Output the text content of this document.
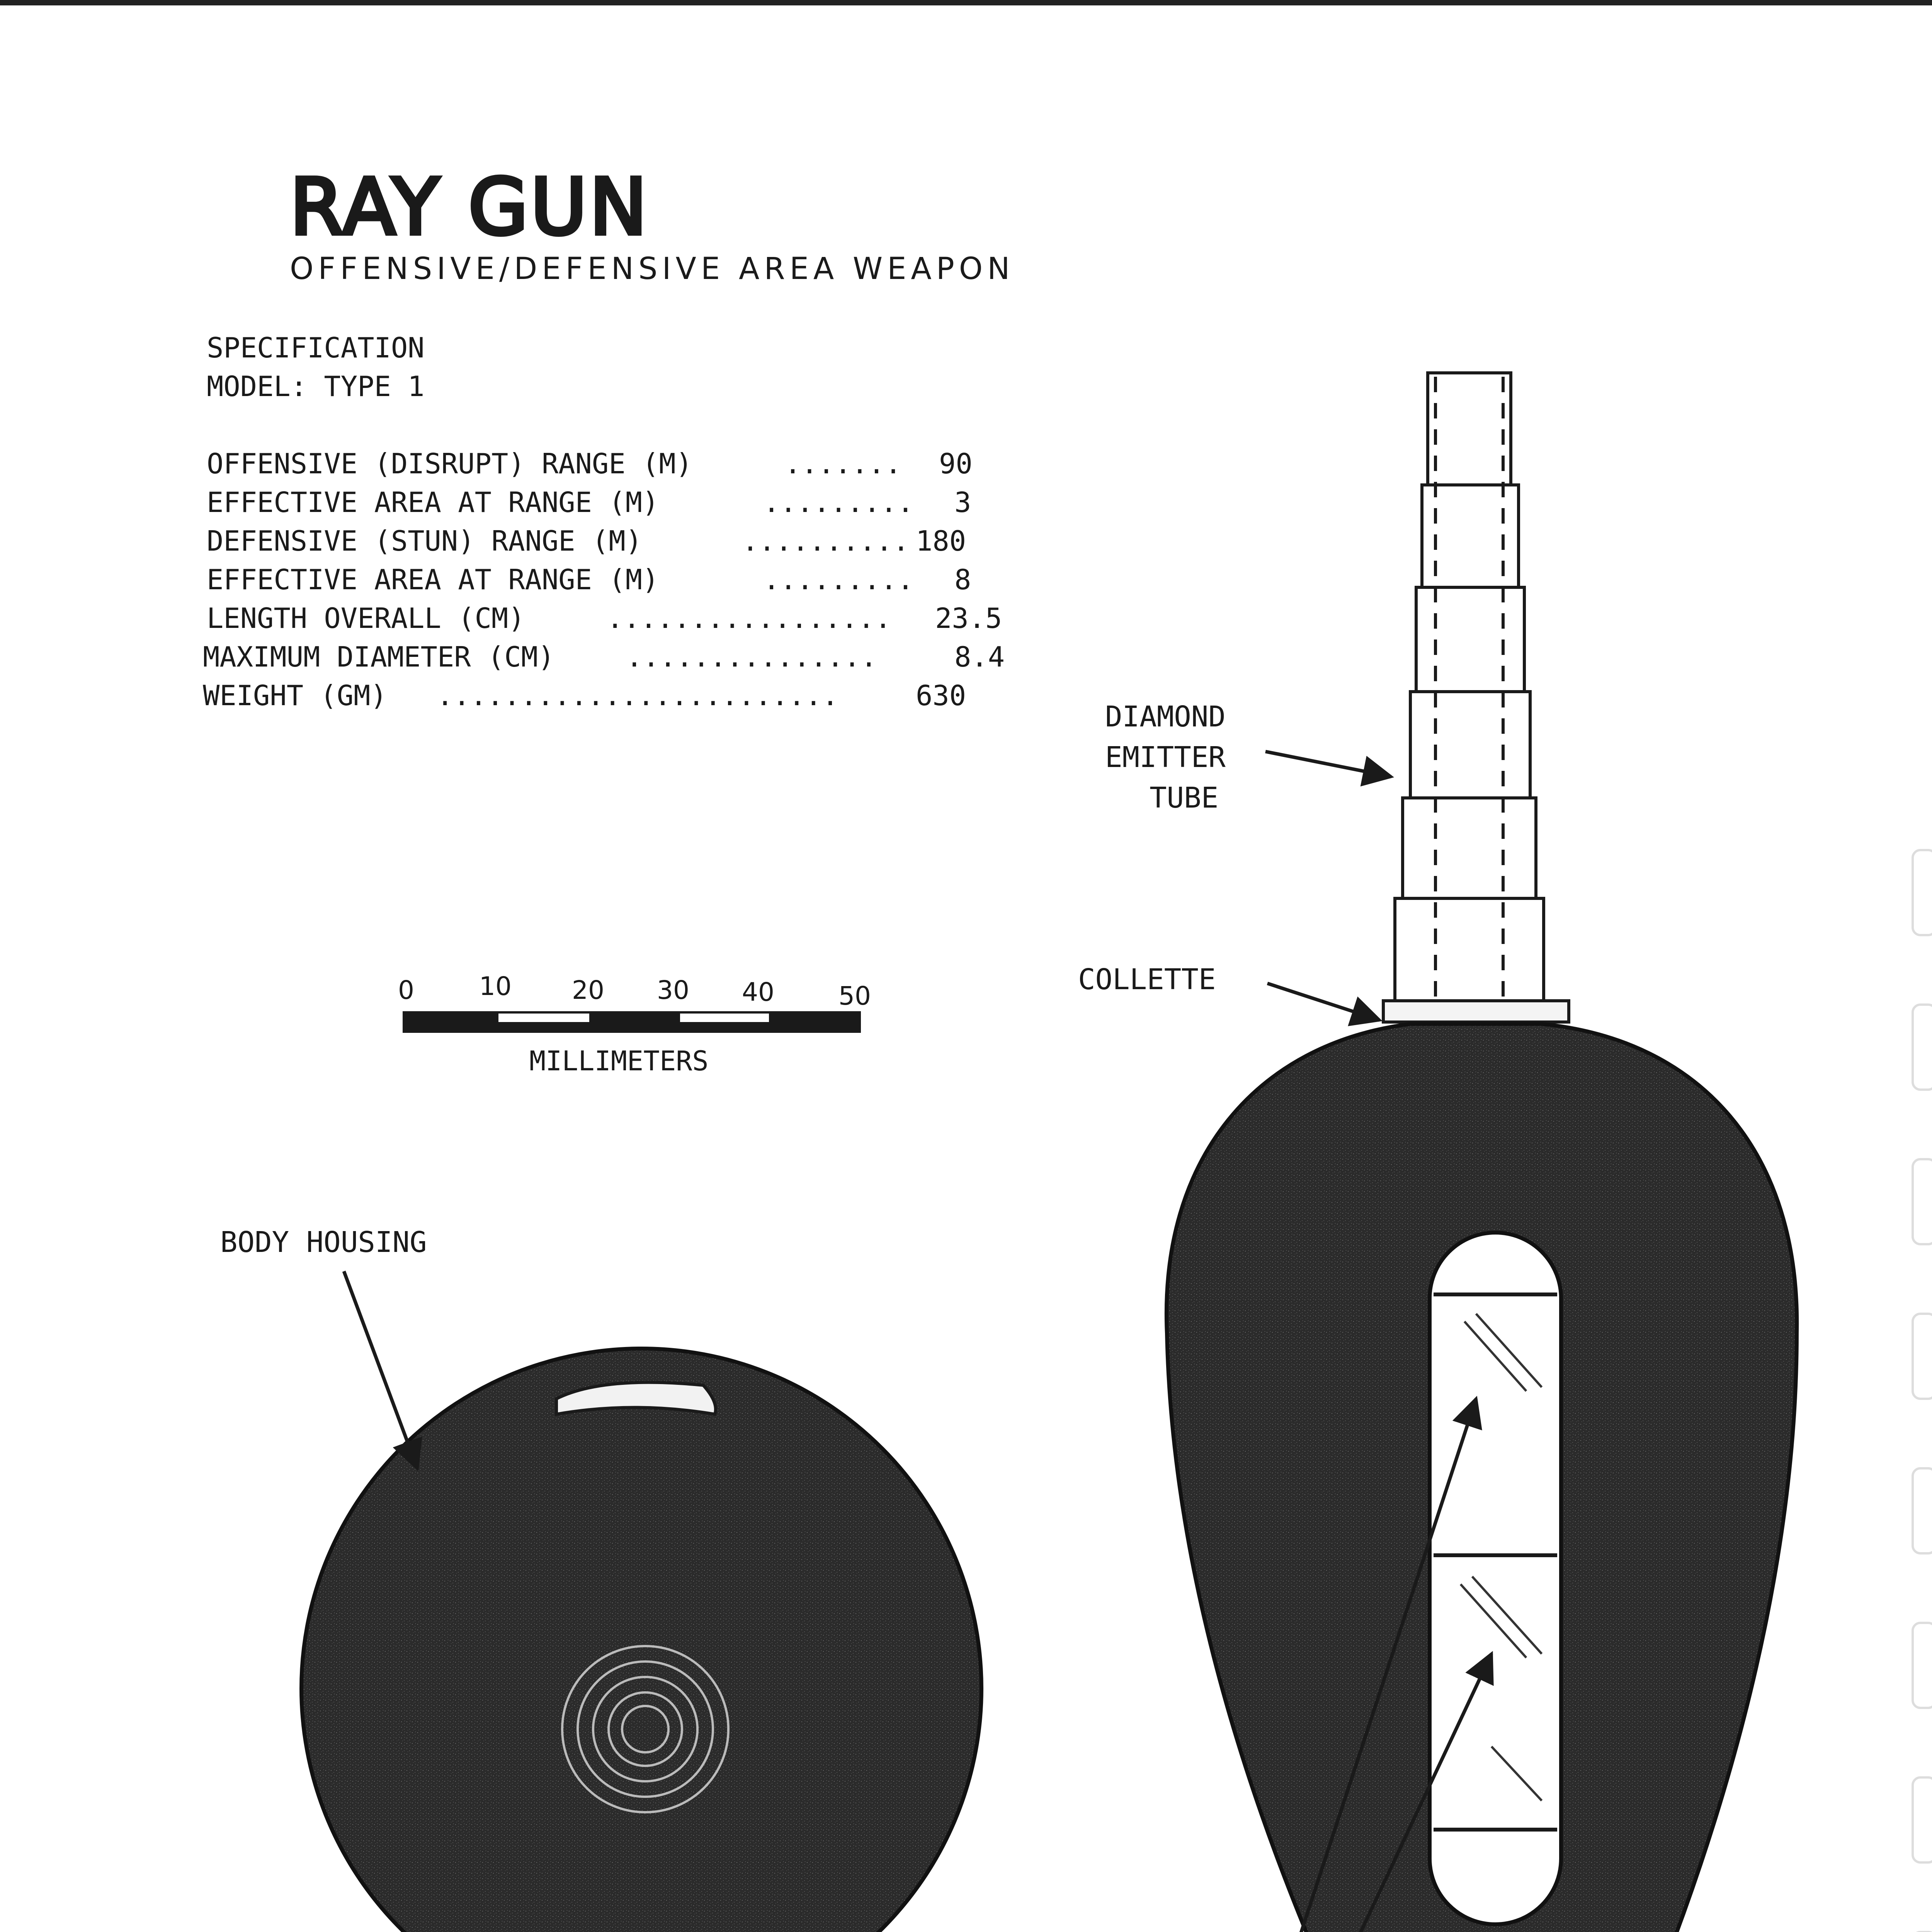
RAY GUN
OFFENSIVE/DEFENSIVE AREA WEAPON
SPECIFICATION
MODEL: TYPE 1
OFFENSIVE (DISRUPT) RANGE (M)	....... 90
EFFECTIVE AREA AT RANGE (M)	......... 3
DEFENSIVE (STUN) RANGE (M)	.......... 180
EFFECTIVE AREA AT RANGE (M)	......... 8
LENGTH OVERALL (CM)	................. 23.5
MAXIMUM DIAMETER (CM)	...............	8.4
WEIGHT (GM) ........................	630
0	10 20 30 40	50
MILLIMETERS
BODY HOUSING
DIAMOND
EMITTER
TUBE
COLLETTE
